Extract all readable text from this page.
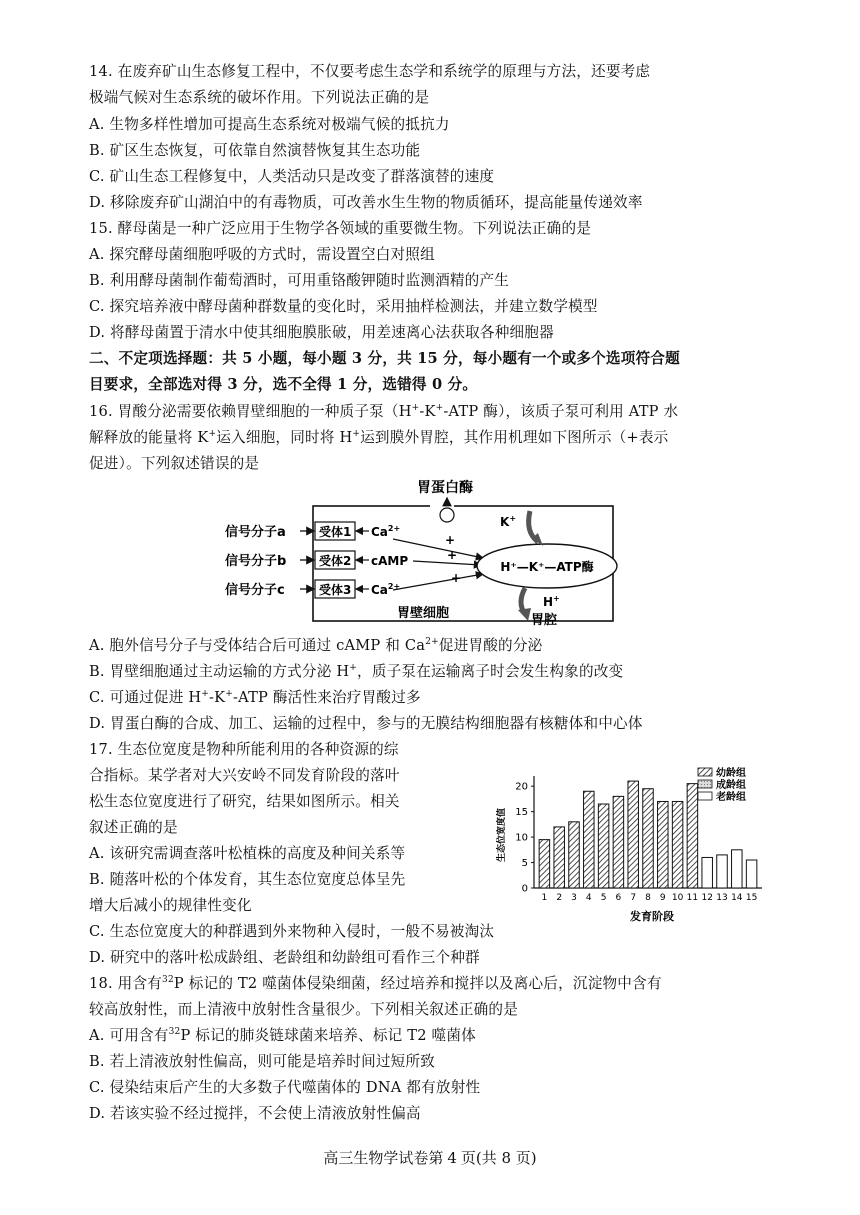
14. 在废弃矿山生态修复工程中，不仅要考虑生态学和系统学的原理与方法，还要考虑
极端气候对生态系统的破坏作用。下列说法正确的是
A. 生物多样性增加可提高生态系统对极端气候的抵抗力
B. 矿区生态恢复，可依靠自然演替恢复其生态功能
C. 矿山生态工程修复中，人类活动只是改变了群落演替的速度
D. 移除废弃矿山湖泊中的有毒物质，可改善水生生物的物质循环，提高能量传递效率
15. 酵母菌是一种广泛应用于生物学各领域的重要微生物。下列说法正确的是
A. 探究酵母菌细胞呼吸的方式时，需设置空白对照组
B. 利用酵母菌制作葡萄酒时，可用重铬酸钾随时监测酒精的产生
C. 探究培养液中酵母菌种群数量的变化时，采用抽样检测法，并建立数学模型
D. 将酵母菌置于清水中使其细胞膜胀破，用差速离心法获取各种细胞器
二、不定项选择题：共 5 小题，每小题 3 分，共 15 分，每小题有一个或多个选项符合题
目要求，全部选对得 3 分，选不全得 1 分，选错得 0 分。
16. 胃酸分泌需要依赖胃壁细胞的一种质子泵（H+-K+-ATP 酶），该质子泵可利用 ATP 水
解释放的能量将 K+运入细胞，同时将 H+运到膜外胃腔，其作用机理如下图所示（+表示
促进）。下列叙述错误的是
胃蛋白酶
受体1
受体2
受体3
信号分子a
信号分子b
信号分子c
$Ca^{2+}$
cAMP
$Ca^{2+}$
+
+
+
H⁺—K⁺—ATP酶
K+
H+
胃壁细胞	胃腔
A. 胞外信号分子与受体结合后可通过 cAMP 和 $Ca^{2+}$促进胃酸的分泌
B. 胃壁细胞通过主动运输的方式分泌 H+，质子泵在运输离子时会发生构象的改变
C. 可通过促进 H+-K+-ATP 酶活性来治疗胃酸过多
D. 胃蛋白酶的合成、加工、运输的过程中，参与的无膜结构细胞器有核糖体和中心体
17. 生态位宽度是物种所能利用的各种资源的综
合指标。某学者对大兴安岭不同发育阶段的落叶
松生态位宽度进行了研究，结果如图所示。相关
叙述正确的是
A. 该研究需调查落叶松植株的高度及种间关系等
B. 随落叶松的个体发育，其生态位宽度总体呈先
增大后减小的规律性变化
C. 生态位宽度大的种群遇到外来物种入侵时，一般不易被淘汰
D. 研究中的落叶松成龄组、老龄组和幼龄组可看作三个种群
0
5
10
15
20
1 2 3 4 5 6 7 8 9 10 11 12 13 14 15
幼龄组
成龄组
老龄组
生态位宽度值
发育阶段
18. 用含有$^{32}$P 标记的 T2 噬菌体侵染细菌，经过培养和搅拌以及离心后，沉淀物中含有
较高放射性，而上清液中放射性含量很少。下列相关叙述正确的是
A. 可用含有$^{32}$P 标记的肺炎链球菌来培养、标记 T2 噬菌体
B. 若上清液放射性偏高，则可能是培养时间过短所致
C. 侵染结束后产生的大多数子代噬菌体的 DNA 都有放射性
D. 若该实验不经过搅拌，不会使上清液放射性偏高
高三生物学试卷第 4 页(共 8 页)
